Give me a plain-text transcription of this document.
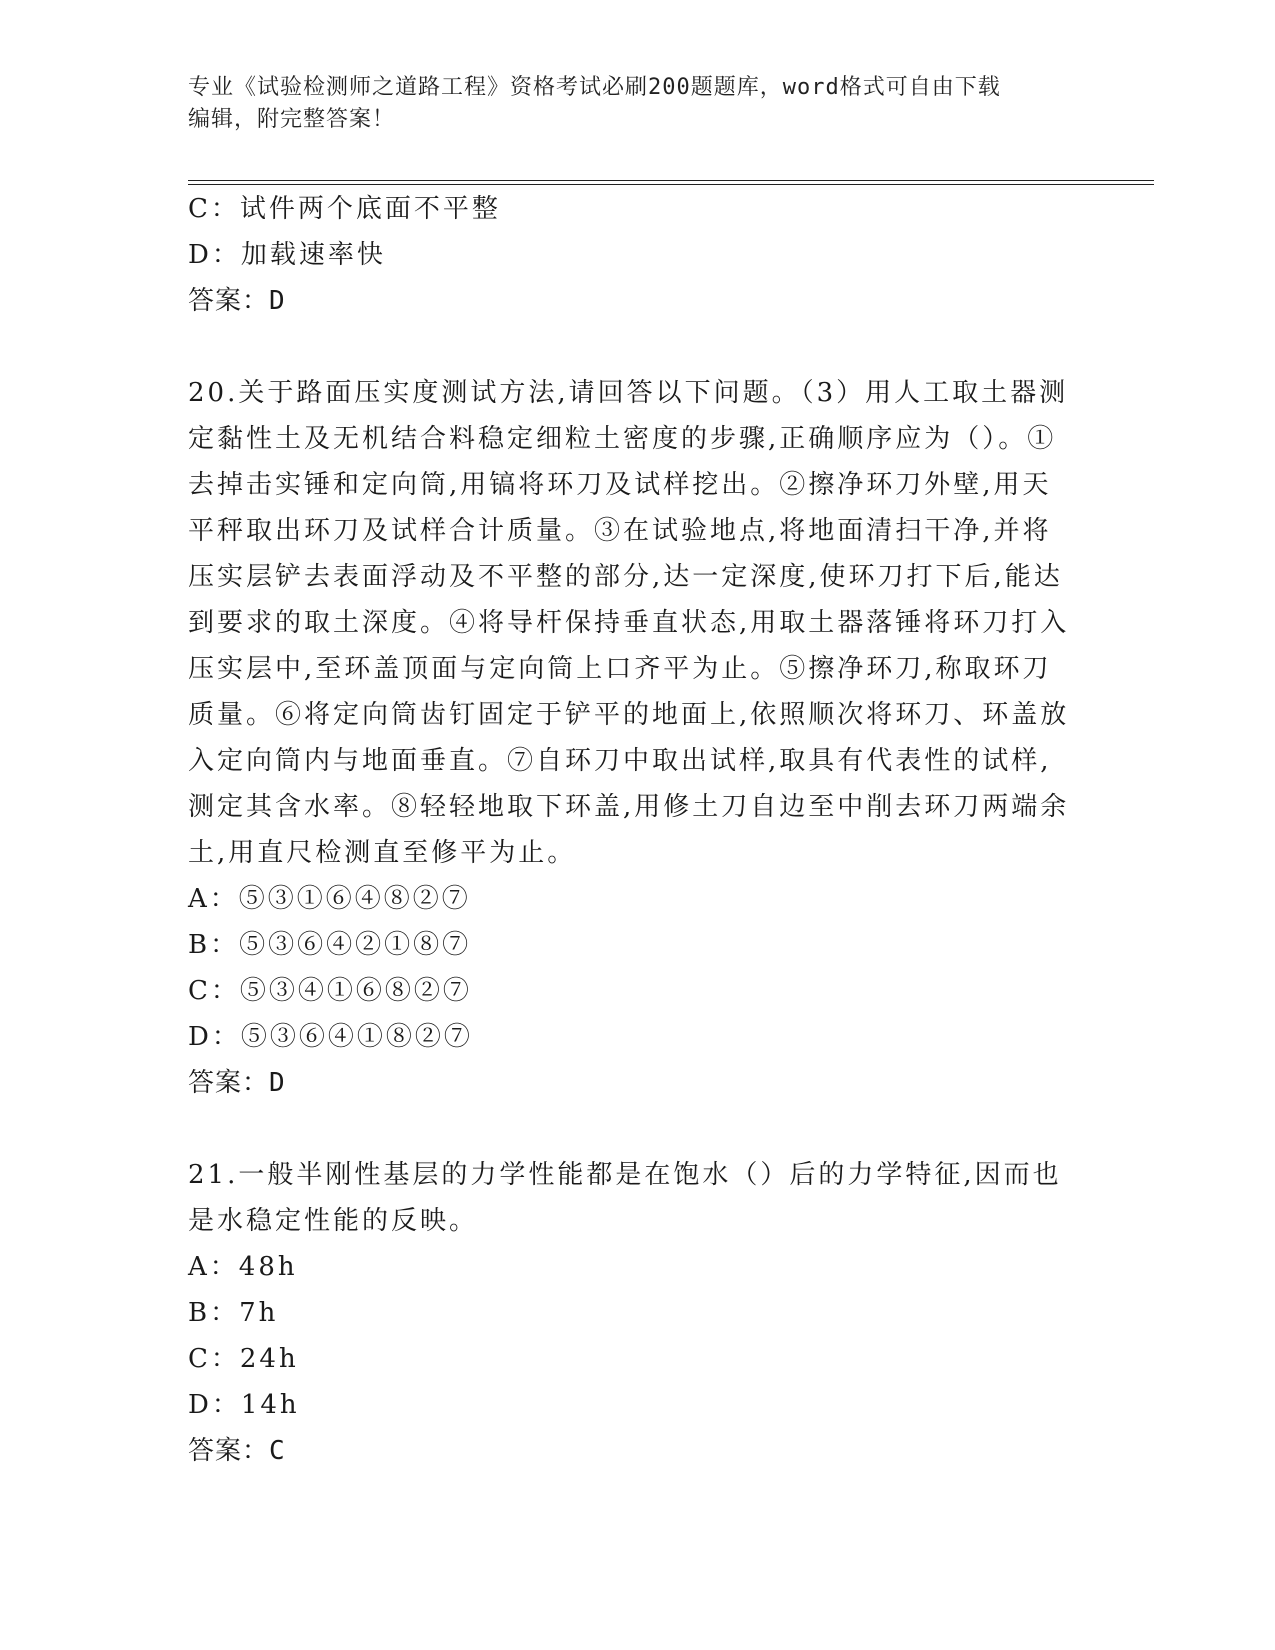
专业《试验检测师之道路工程》资格考试必刷200题题库，word格式可自由下载
编辑，附完整答案！
C：试件两个底面不平整
D：加载速率快
答案：D
20.关于路面压实度测试方法,请回答以下问题。（3）用人工取土器测
定黏性土及无机结合料稳定细粒土密度的步骤,正确顺序应为（）。①
去掉击实锤和定向筒,用镐将环刀及试样挖出。②擦净环刀外壁,用天
平秤取出环刀及试样合计质量。③在试验地点,将地面清扫干净,并将
压实层铲去表面浮动及不平整的部分,达一定深度,使环刀打下后,能达
到要求的取土深度。④将导杆保持垂直状态,用取土器落锤将环刀打入
压实层中,至环盖顶面与定向筒上口齐平为止。⑤擦净环刀,称取环刀
质量。⑥将定向筒齿钉固定于铲平的地面上,依照顺次将环刀、环盖放
入定向筒内与地面垂直。⑦自环刀中取出试样,取具有代表性的试样,
测定其含水率。⑧轻轻地取下环盖,用修土刀自边至中削去环刀两端余
土,用直尺检测直至修平为止。
A：⑤③①⑥④⑧②⑦
B：⑤③⑥④②①⑧⑦
C：⑤③④①⑥⑧②⑦
D：⑤③⑥④①⑧②⑦
答案：D
21.一般半刚性基层的力学性能都是在饱水（）后的力学特征,因而也
是水稳定性能的反映。
A：48h
B：7h
C：24h
D：14h
答案：C
